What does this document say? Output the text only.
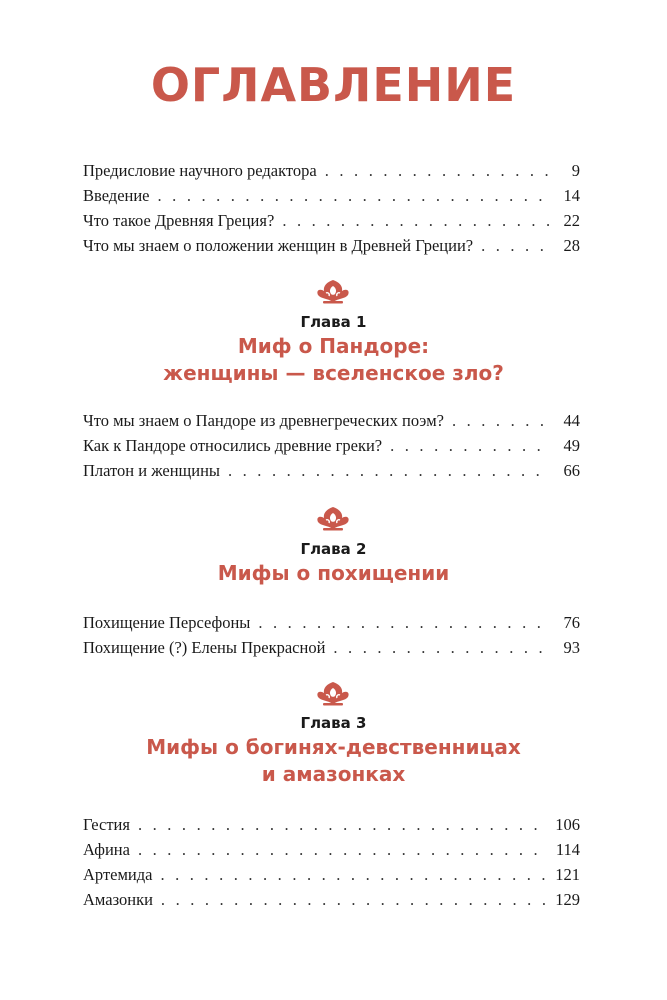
ОГЛАВЛЕНИЕ
Предисловие научного редактора . . .	9
Введение . . .	14
Что такое Древняя Греция? . . .	22
Что мы знаем о положении женщин в Древней Греции? . . .	28
Глава 1
Миф о Пандоре:
женщины — вселенское зло?
Что мы знаем о Пандоре из древнегреческих поэм? . . .	44
Как к Пандоре относились древние греки? . . .	49
Платон и женщины . . .	66
Глава 2
Мифы о похищении
Похищение Персефоны . . .	76
Похищение (?) Елены Прекрасной . . .	93
Глава 3
Мифы о богинях-девственницах
и амазонках
Гестия . . .	106
Афина . . .	114
Артемида . . .	121
Амазонки . . .	129
